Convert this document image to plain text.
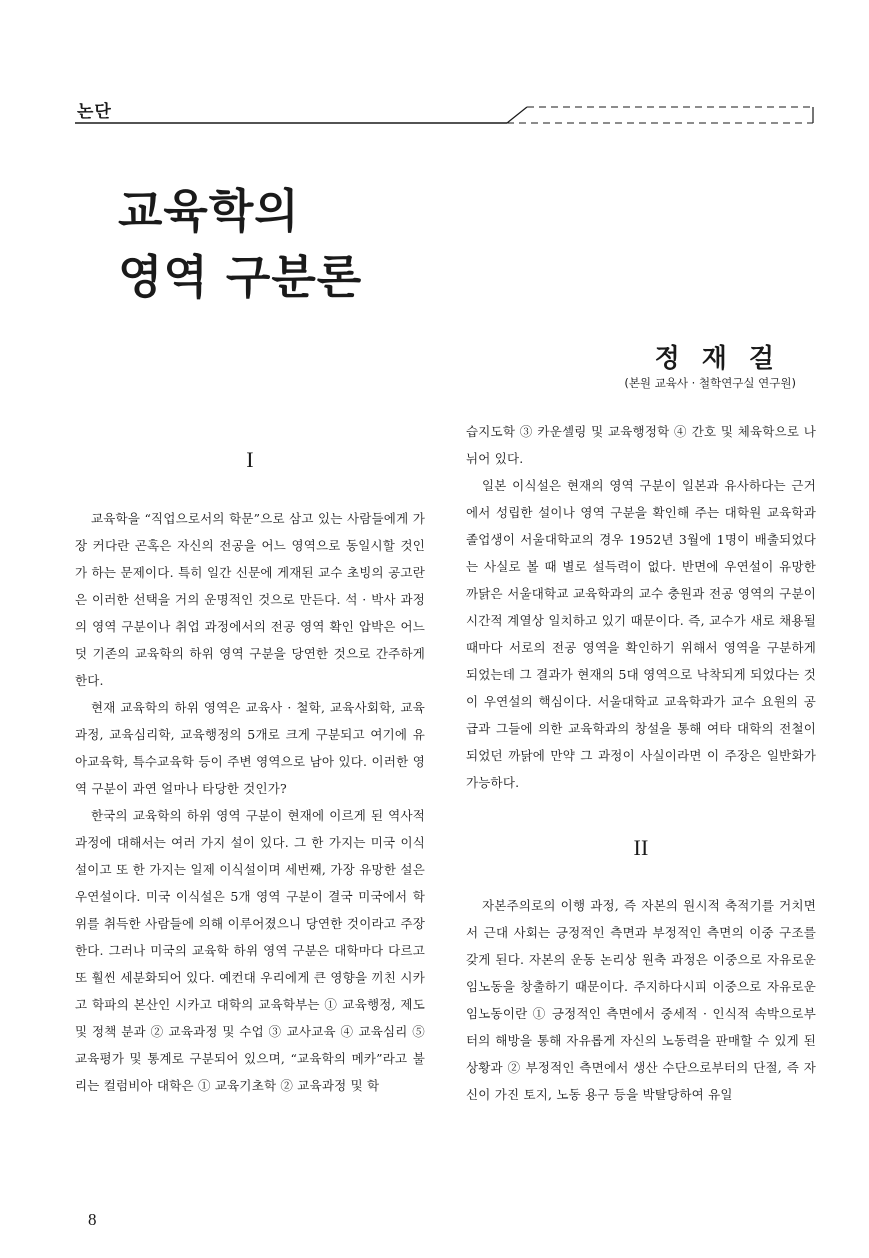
논단
교육학의
영역 구분론
정재걸
(본원 교육사 · 철학연구실 연구원)
I

교육학을 “직업으로서의 학문”으로 삼고 있는 사람들에게 가장 커다란 곤혹은 자신의 전공을 어느 영역으로 동일시할 것인가 하는 문제이다. 특히 일간 신문에 게재된 교수 초빙의 공고란은 이러한 선택을 거의 운명적인 것으로 만든다. 석 · 박사 과정의 영역 구분이나 취업 과정에서의 전공 영역 확인 압박은 어느덧 기존의 교육학의 하위 영역 구분을 당연한 것으로 간주하게 한다.

현재 교육학의 하위 영역은 교육사 · 철학, 교육사회학, 교육과정, 교육심리학, 교육행정의 5개로 크게 구분되고 여기에 유아교육학, 특수교육학 등이 주변 영역으로 남아 있다. 이러한 영역 구분이 과연 얼마나 타당한 것인가?

한국의 교육학의 하위 영역 구분이 현재에 이르게 된 역사적 과정에 대해서는 여러 가지 설이 있다. 그 한 가지는 미국 이식설이고 또 한 가지는 일제 이식설이며 세번째, 가장 유망한 설은 우연설이다. 미국 이식설은 5개 영역 구분이 결국 미국에서 학위를 취득한 사람들에 의해 이루어졌으니 당연한 것이라고 주장한다. 그러나 미국의 교육학 하위 영역 구분은 대학마다 다르고 또 훨씬 세분화되어 있다. 예컨대 우리에게 큰 영향을 끼친 시카고 학파의 본산인 시카고 대학의 교육학부는 ① 교육행정, 제도 및 정책 분과 ② 교육과정 및 수업 ③ 교사교육 ④ 교육심리 ⑤ 교육평가 및 통계로 구분되어 있으며, “교육학의 메카”라고 불리는 컬럼비아 대학은 ① 교육기초학 ② 교육과정 및 학

습지도학 ③ 카운셀링 및 교육행정학 ④ 간호 및 체육학으로 나뉘어 있다.

일본 이식설은 현재의 영역 구분이 일본과 유사하다는 근거에서 성립한 설이나 영역 구분을 확인해 주는 대학원 교육학과 졸업생이 서울대학교의 경우 1952년 3월에 1명이 배출되었다는 사실로 볼 때 별로 설득력이 없다. 반면에 우연설이 유망한 까닭은 서울대학교 교육학과의 교수 충원과 전공 영역의 구분이 시간적 계열상 일치하고 있기 때문이다. 즉, 교수가 새로 채용될 때마다 서로의 전공 영역을 확인하기 위해서 영역을 구분하게 되었는데 그 결과가 현재의 5대 영역으로 낙착되게 되었다는 것이 우연설의 핵심이다. 서울대학교 교육학과가 교수 요원의 공급과 그들에 의한 교육학과의 창설을 통해 여타 대학의 전철이 되었던 까닭에 만약 그 과정이 사실이라면 이 주장은 일반화가 가능하다.

II

자본주의로의 이행 과정, 즉 자본의 원시적 축적기를 거치면서 근대 사회는 긍정적인 측면과 부정적인 측면의 이중 구조를 갖게 된다. 자본의 운동 논리상 원축 과정은 이중으로 자유로운 임노동을 창출하기 때문이다. 주지하다시피 이중으로 자유로운 임노동이란 ① 긍정적인 측면에서 중세적 · 인식적 속박으로부터의 해방을 통해 자유롭게 자신의 노동력을 판매할 수 있게 된 상황과 ② 부정적인 측면에서 생산 수단으로부터의 단절, 즉 자신이 가진 토지, 노동 용구 등을 박탈당하여 유일

8
